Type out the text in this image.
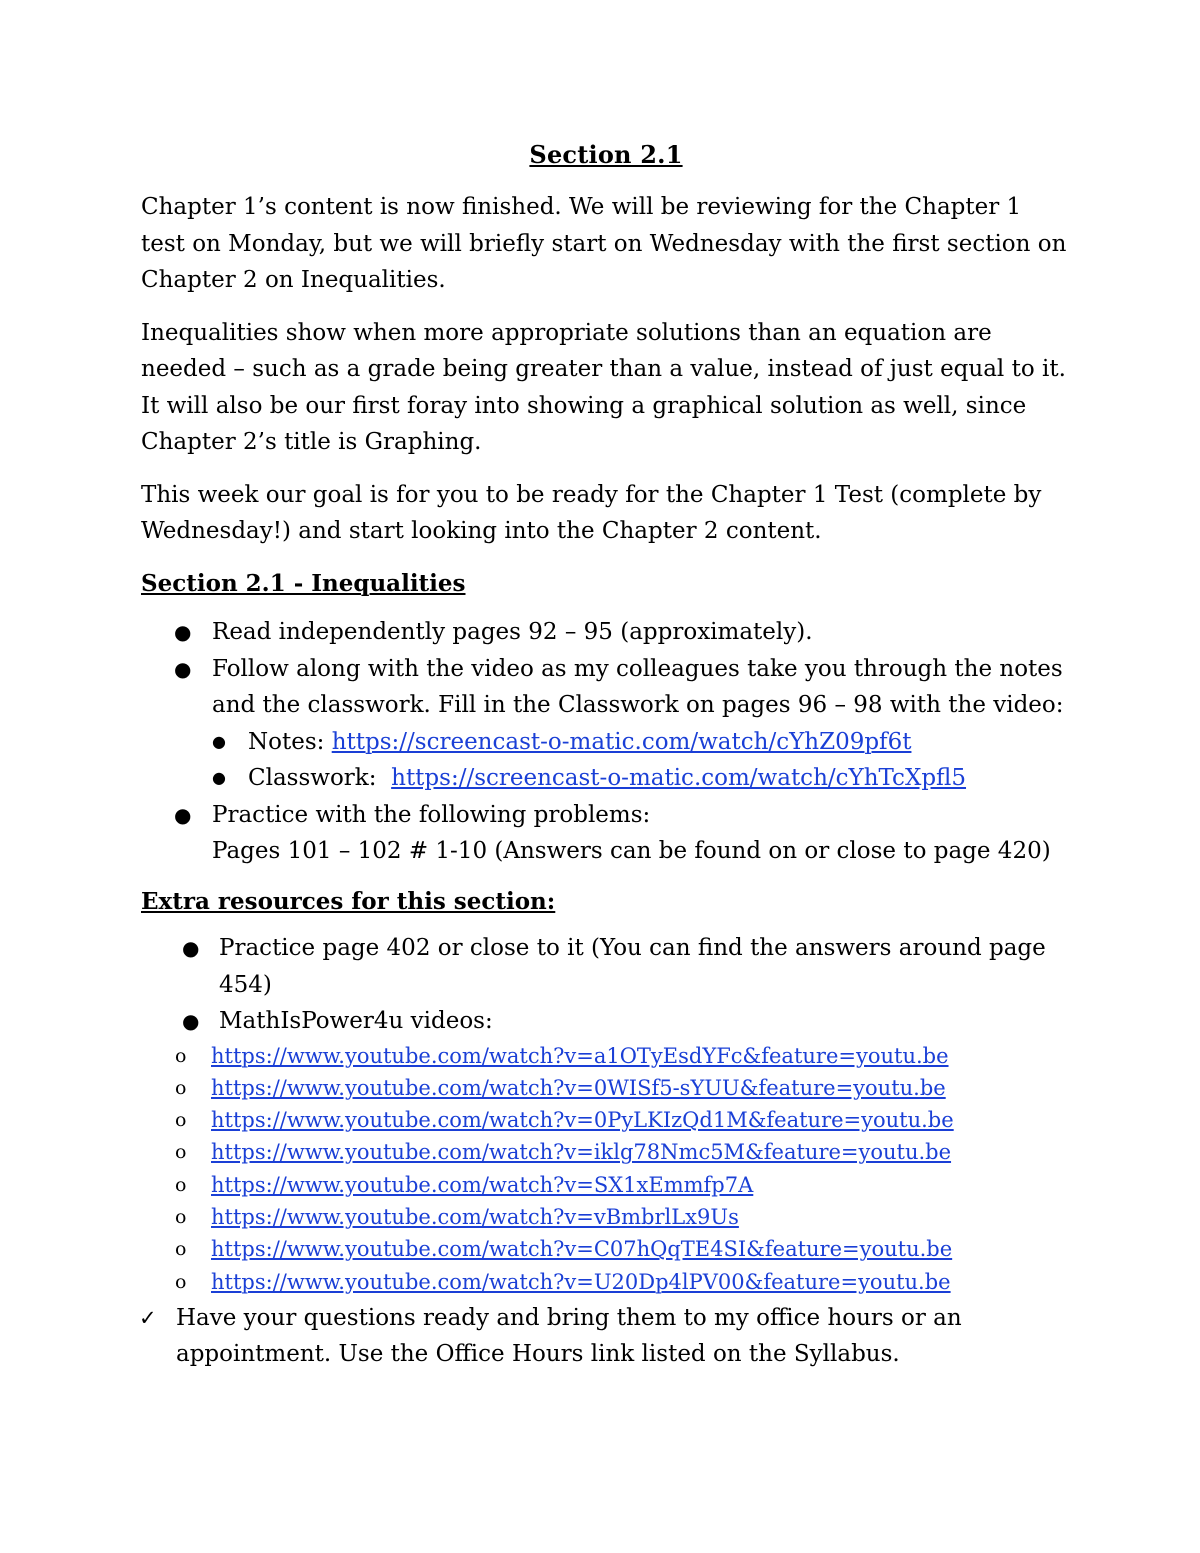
Section 2.1

Chapter 1’s content is now finished. We will be reviewing for the Chapter 1 test on Monday, but we will briefly start on Wednesday with the first section on Chapter 2 on Inequalities.

Inequalities show when more appropriate solutions than an equation are needed – such as a grade being greater than a value, instead of just equal to it. It will also be our first foray into showing a graphical solution as well, since Chapter 2’s title is Graphing.

This week our goal is for you to be ready for the Chapter 1 Test (complete by Wednesday!) and start looking into the Chapter 2 content.

Section 2.1 - Inequalities
● Read independently pages 92 – 95 (approximately).
● Follow along with the video as my colleagues take you through the notes and the classwork. Fill in the Classwork on pages 96 – 98 with the video:
● Notes: https://screencast-o-matic.com/watch/cYhZ09pf6t
● Classwork:  https://screencast-o-matic.com/watch/cYhTcXpfl5
● Practice with the following problems:
Pages 101 – 102 # 1-10 (Answers can be found on or close to page 420)
Extra resources for this section:
● Practice page 402 or close to it (You can find the answers around page 454)
● MathIsPower4u videos:
o https://www.youtube.com/watch?v=a1OTyEsdYFc&feature=youtu.be
o https://www.youtube.com/watch?v=0WISf5-sYUU&feature=youtu.be
o https://www.youtube.com/watch?v=0PyLKIzQd1M&feature=youtu.be
o https://www.youtube.com/watch?v=iklg78Nmc5M&feature=youtu.be
o https://www.youtube.com/watch?v=SX1xEmmfp7A
o https://www.youtube.com/watch?v=vBmbrlLx9Us
o https://www.youtube.com/watch?v=C07hQqTE4SI&feature=youtu.be
o https://www.youtube.com/watch?v=U20Dp4lPV00&feature=youtu.be
✓ Have your questions ready and bring them to my office hours or an appointment. Use the Office Hours link listed on the Syllabus.
